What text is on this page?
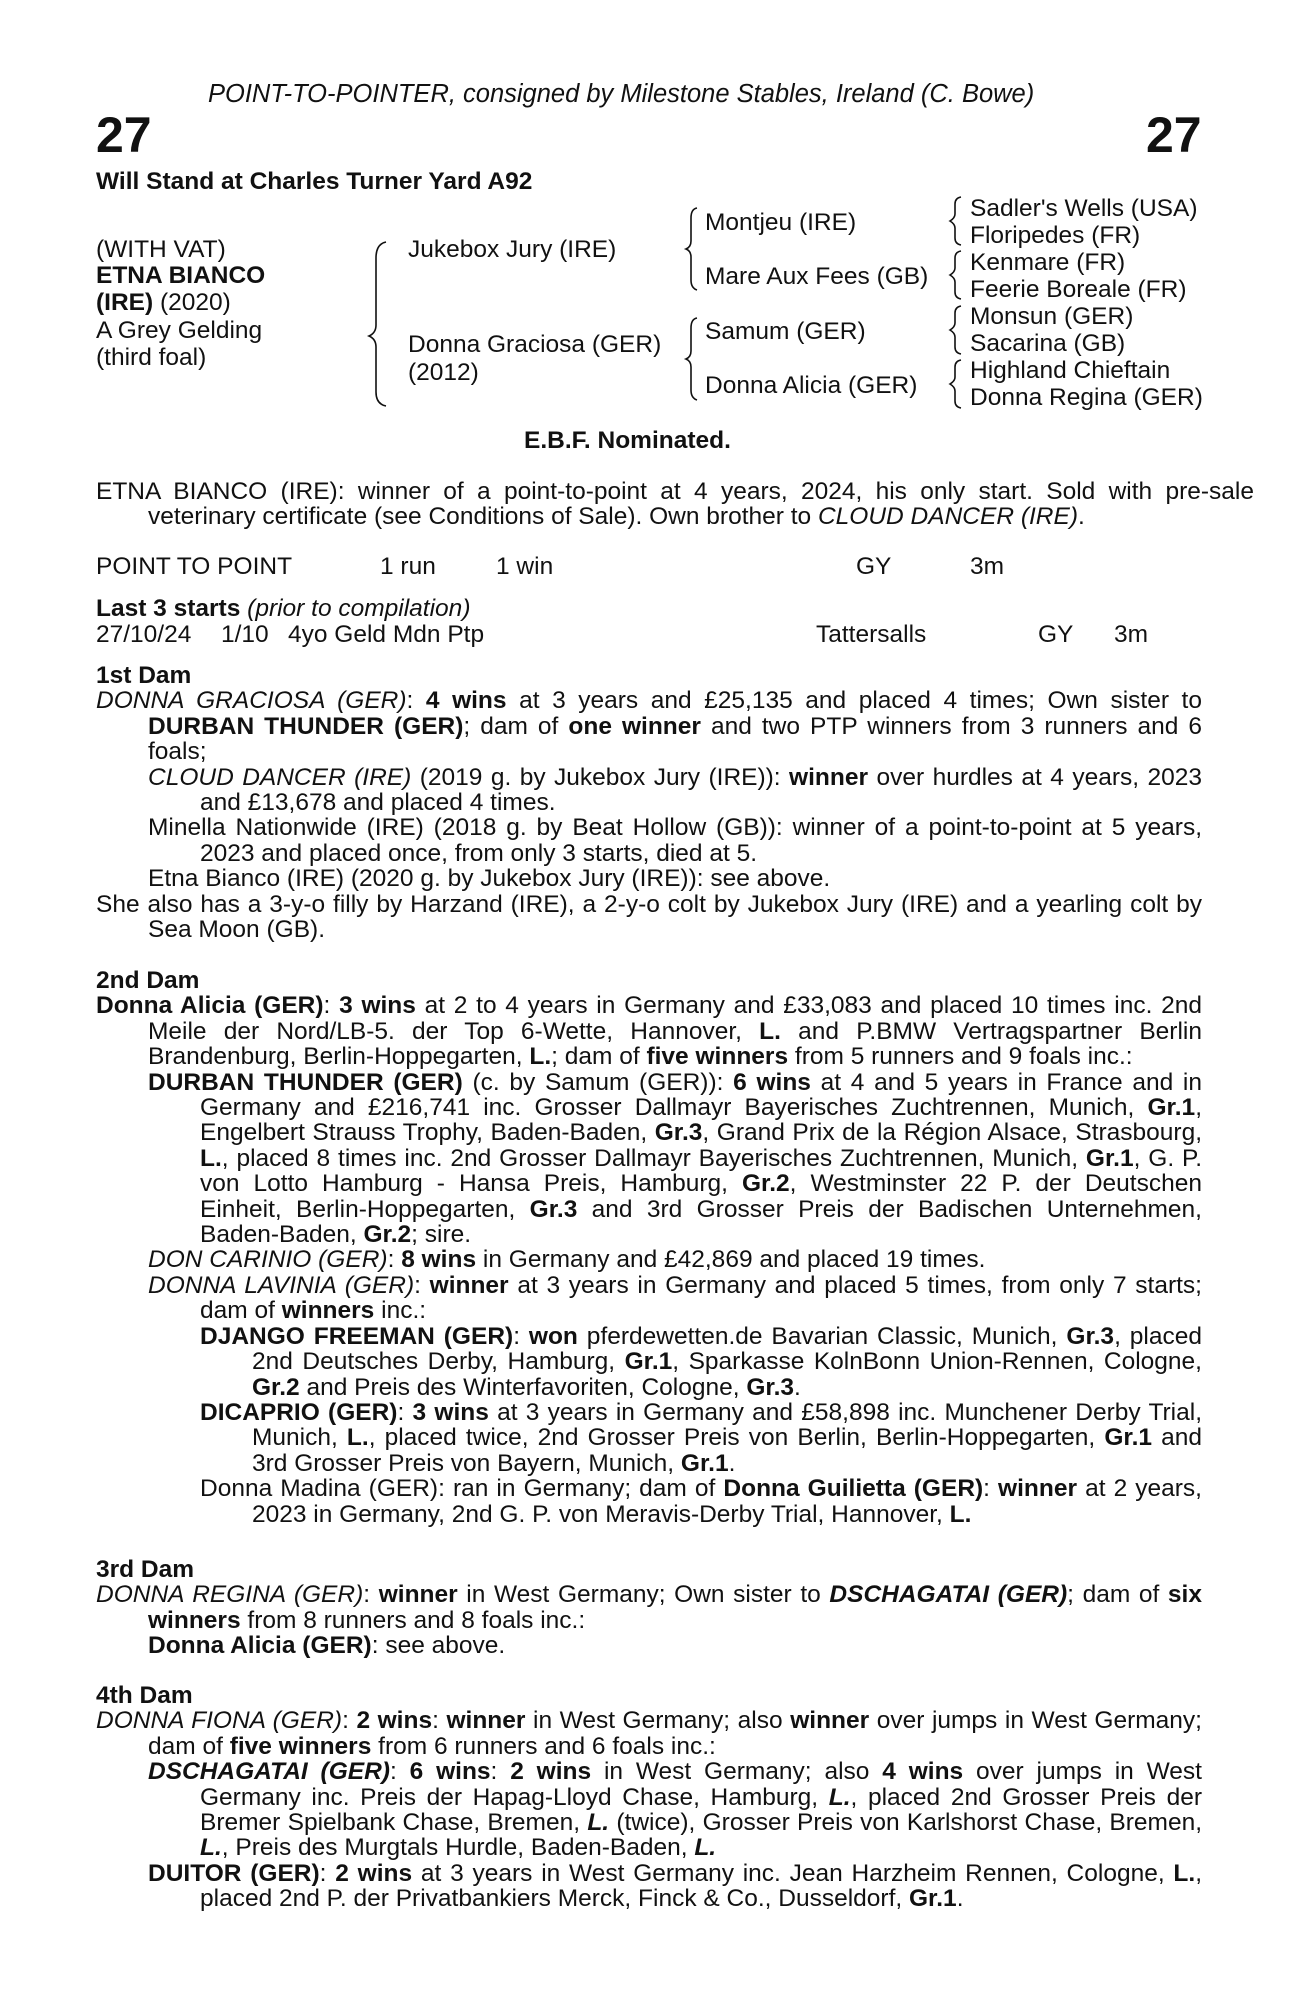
POINT-TO-POINTER, consigned by Milestone Stables, Ireland (C. Bowe)
27	27
Will Stand at Charles Turner Yard A92
(WITH VAT)
ETNA BIANCO
(IRE) (2020)
A Grey Gelding
(third foal)
Jukebox Jury (IRE)
Donna Graciosa (GER)
(2012)
Montjeu (IRE)
Mare Aux Fees (GB)
Samum (GER)
Donna Alicia (GER)
Sadler's Wells (USA)
Floripedes (FR)
Kenmare (FR)
Feerie Boreale (FR)
Monsun (GER)
Sacarina (GB)
Highland Chieftain
Donna Regina (GER)
E.B.F. Nominated.
ETNA BIANCO (IRE): winner of a point-to-point at 4 years, 2024, his only start. Sold with pre-sale veterinary certificate (see Conditions of Sale). Own brother to CLOUD DANCER (IRE).
POINT TO POINT	1 run 1 win	GY	3m
Last 3 starts (prior to compilation)
27/10/24 1/10 4yo Geld Mdn Ptp	Tattersalls	GY 3m

1st Dam

DONNA GRACIOSA (GER): 4 wins at 3 years and £25,135 and placed 4 times; Own sister to DURBAN THUNDER (GER); dam of one winner and two PTP winners from 3 runners and 6 foals;

CLOUD DANCER (IRE) (2019 g. by Jukebox Jury (IRE)): winner over hurdles at 4 years, 2023 and £13,678 and placed 4 times.

Minella Nationwide (IRE) (2018 g. by Beat Hollow (GB)): winner of a point-to-point at 5 years, 2023 and placed once, from only 3 starts, died at 5.

Etna Bianco (IRE) (2020 g. by Jukebox Jury (IRE)): see above.

She also has a 3-y-o filly by Harzand (IRE), a 2-y-o colt by Jukebox Jury (IRE) and a yearling colt by Sea Moon (GB).

2nd Dam

Donna Alicia (GER): 3 wins at 2 to 4 years in Germany and £33,083 and placed 10 times inc. 2nd Meile der Nord/LB-5. der Top 6-Wette, Hannover, L. and P.BMW Vertragspartner Berlin Brandenburg, Berlin-Hoppegarten, L.; dam of five winners from 5 runners and 9 foals inc.:

DURBAN THUNDER (GER) (c. by Samum (GER)): 6 wins at 4 and 5 years in France and in Germany and £216,741 inc. Grosser Dallmayr Bayerisches Zuchtrennen, Munich, Gr.1, Engelbert Strauss Trophy, Baden-Baden, Gr.3, Grand Prix de la Région Alsace, Strasbourg, L., placed 8 times inc. 2nd Grosser Dallmayr Bayerisches Zuchtrennen, Munich, Gr.1, G. P. von Lotto Hamburg - Hansa Preis, Hamburg, Gr.2, Westminster 22 P. der Deutschen Einheit, Berlin-Hoppegarten, Gr.3 and 3rd Grosser Preis der Badischen Unternehmen, Baden-Baden, Gr.2; sire.

DON CARINIO (GER): 8 wins in Germany and £42,869 and placed 19 times.

DONNA LAVINIA (GER): winner at 3 years in Germany and placed 5 times, from only 7 starts; dam of winners inc.:

DJANGO FREEMAN (GER): won pferdewetten.de Bavarian Classic, Munich, Gr.3, placed 2nd Deutsches Derby, Hamburg, Gr.1, Sparkasse KolnBonn Union-Rennen, Cologne, Gr.2 and Preis des Winterfavoriten, Cologne, Gr.3.

DICAPRIO (GER): 3 wins at 3 years in Germany and £58,898 inc. Munchener Derby Trial, Munich, L., placed twice, 2nd Grosser Preis von Berlin, Berlin-Hoppegarten, Gr.1 and 3rd Grosser Preis von Bayern, Munich, Gr.1.

Donna Madina (GER): ran in Germany; dam of Donna Guilietta (GER): winner at 2 years, 2023 in Germany, 2nd G. P. von Meravis-Derby Trial, Hannover, L.

3rd Dam

DONNA REGINA (GER): winner in West Germany; Own sister to DSCHAGATAI (GER); dam of six winners from 8 runners and 8 foals inc.:

Donna Alicia (GER): see above.

4th Dam

DONNA FIONA (GER): 2 wins: winner in West Germany; also winner over jumps in West Germany; dam of five winners from 6 runners and 6 foals inc.:

DSCHAGATAI (GER): 6 wins: 2 wins in West Germany; also 4 wins over jumps in West Germany inc. Preis der Hapag-Lloyd Chase, Hamburg, L., placed 2nd Grosser Preis der Bremer Spielbank Chase, Bremen, L. (twice), Grosser Preis von Karlshorst Chase, Bremen, L., Preis des Murgtals Hurdle, Baden-Baden, L.

DUITOR (GER): 2 wins at 3 years in West Germany inc. Jean Harzheim Rennen, Cologne, L., placed 2nd P. der Privatbankiers Merck, Finck & Co., Dusseldorf, Gr.1.
